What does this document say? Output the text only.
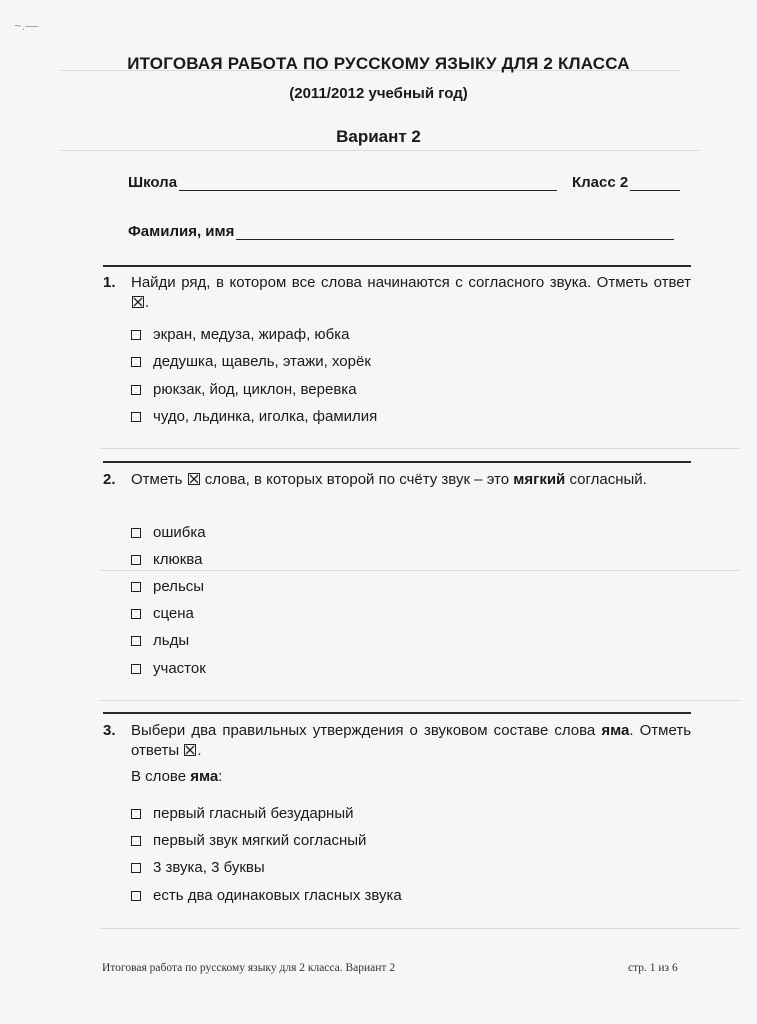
~.—
ИТОГОВАЯ РАБОТА ПО РУССКОМУ ЯЗЫКУ ДЛЯ 2 КЛАССА
(2011/2012 учебный год)
Вариант 2
Школа	Класс 2
Фамилия, имя
1. Найди ряд, в котором все слова начинаются с согласного звука. Отметь ответ
.
экран, медуза, жираф, юбка
дедушка, щавель, этажи, хорёк
рюкзак, йод, циклон, веревка
чудо, льдинка, иголка, фамилия
2. Отметь слова, в которых второй по счёту звук – это мягкий согласный.
ошибка
клюква
рельсы
сцена
льды
участок
3. Выбери два правильных утверждения о звуковом составе слова яма. Отметь ответы .
В слове яма:
первый гласный безударный
первый звук мягкий согласный
3 звука, 3 буквы
есть два одинаковых гласных звука
Итоговая работа по русскому языку для 2 класса. Вариант 2	стр. 1 из 6
